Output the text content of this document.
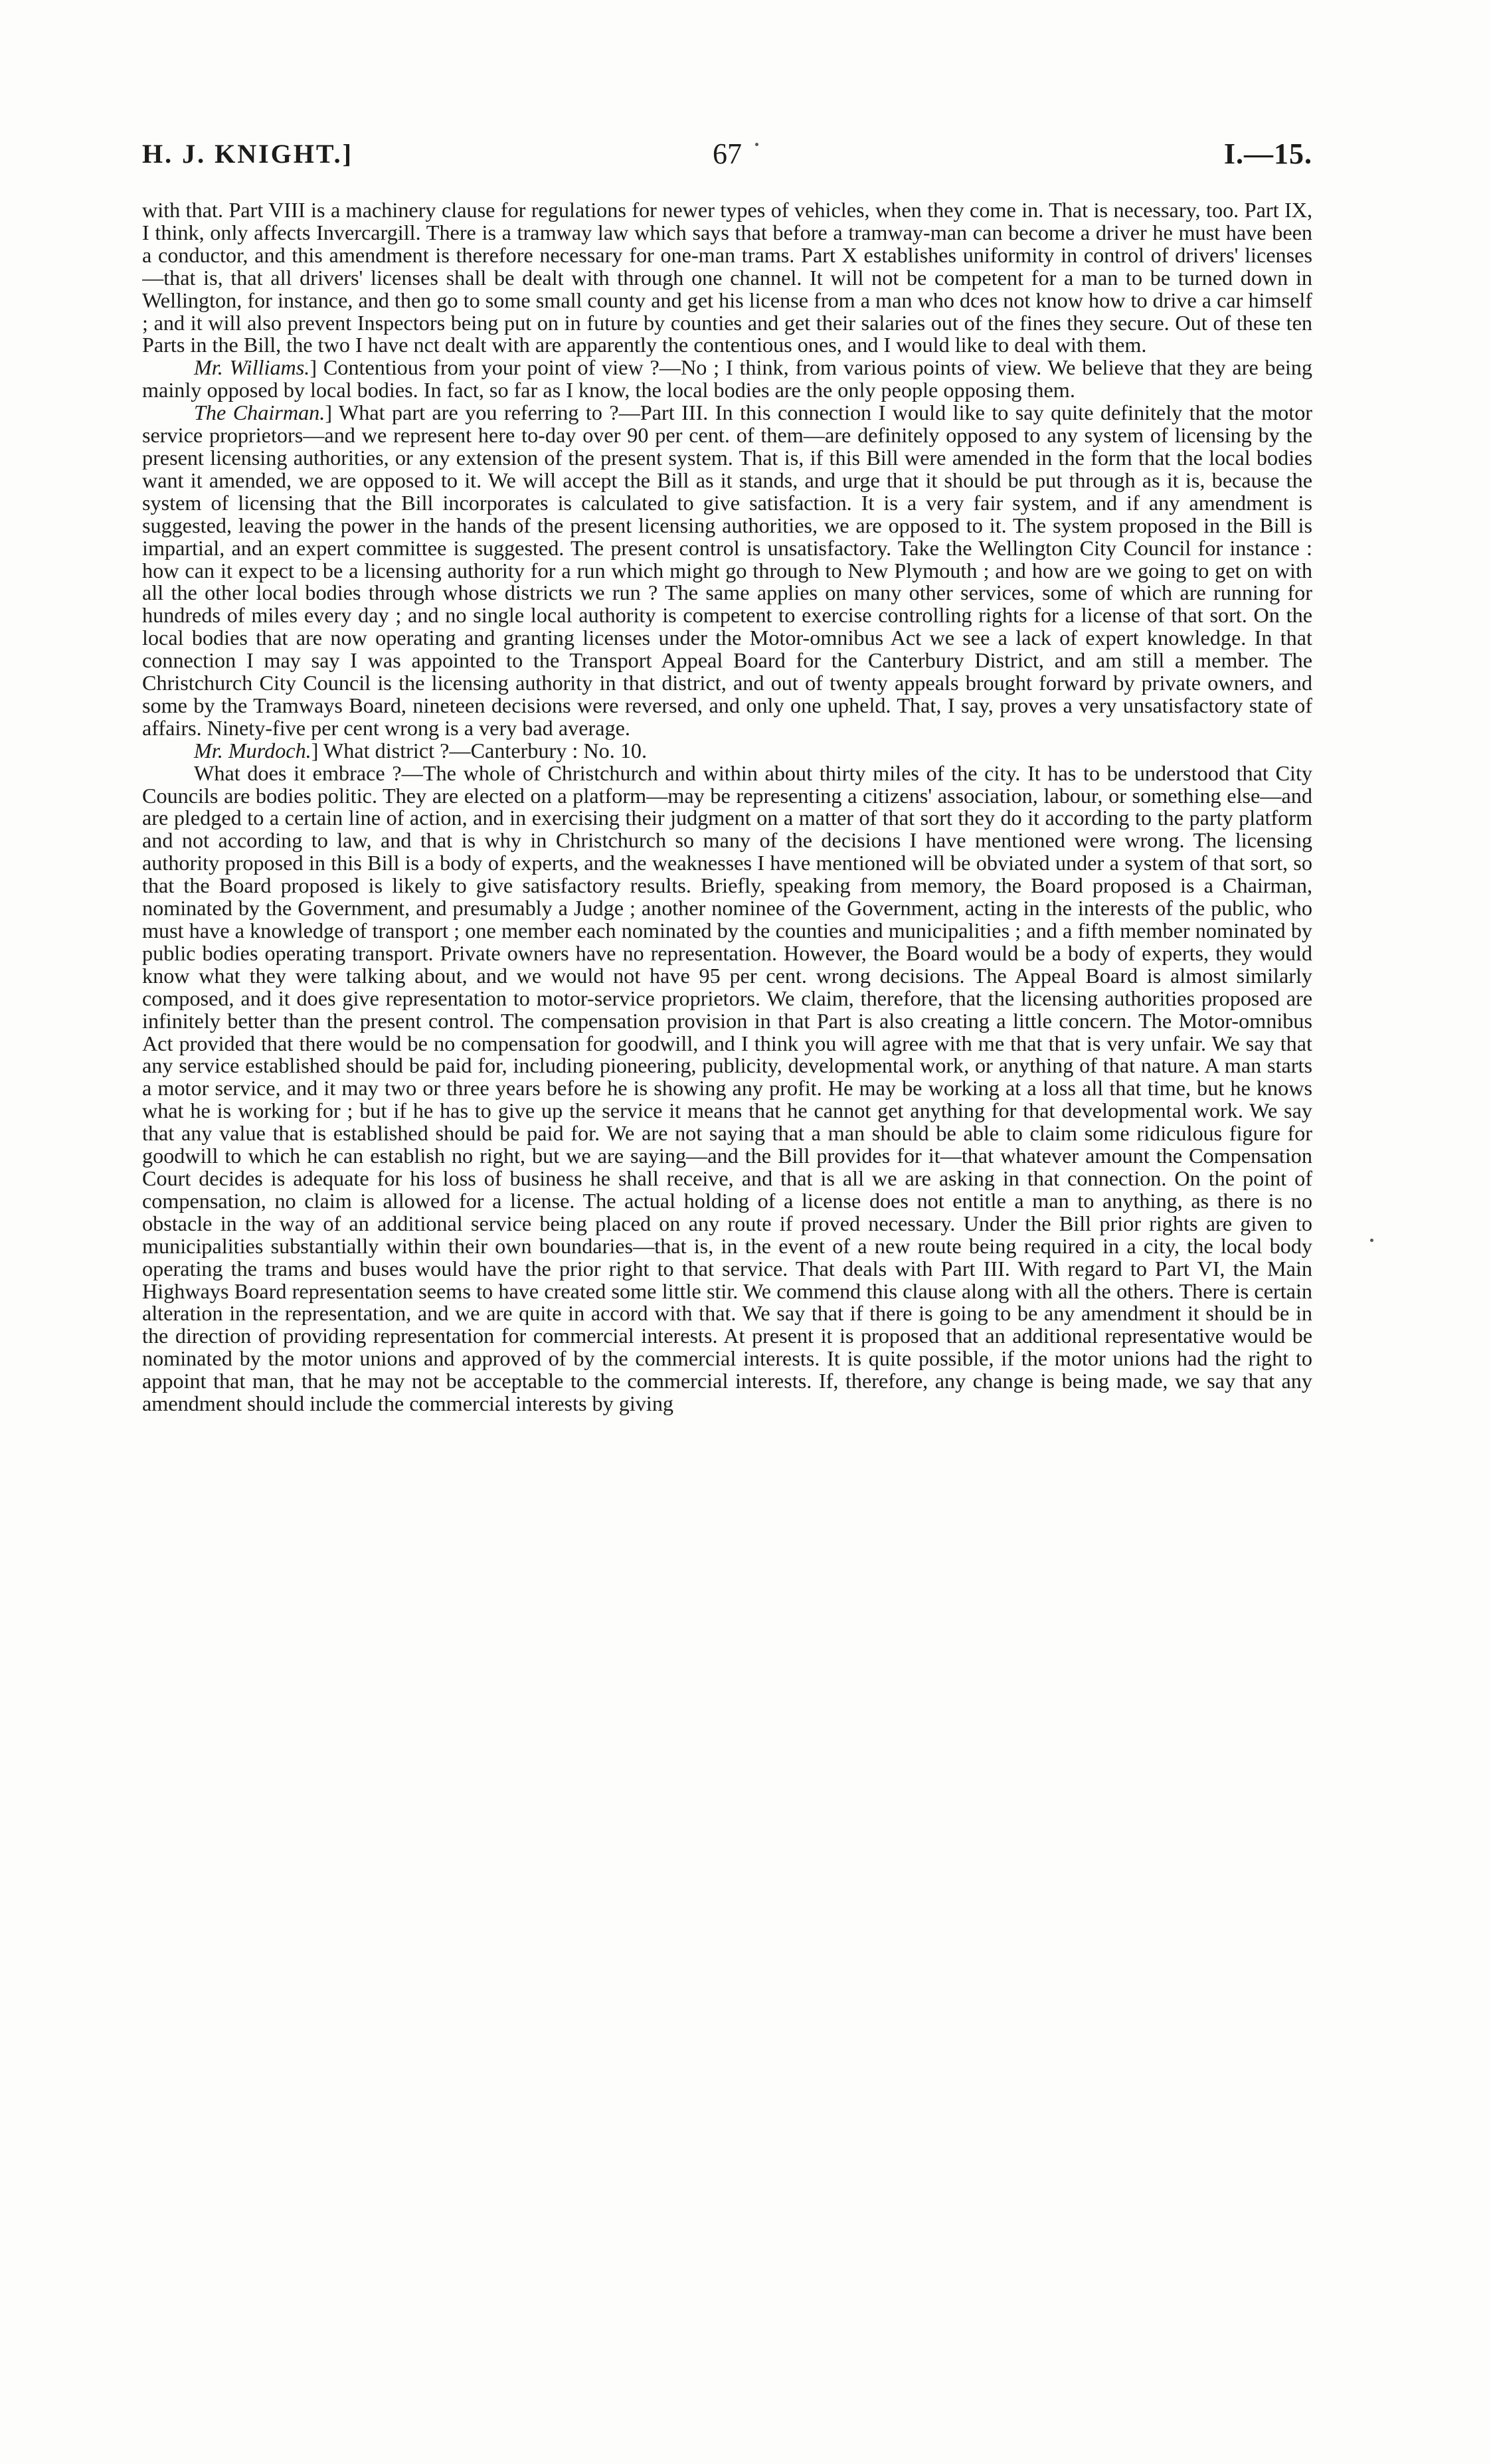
H. J. KNIGHT.]	67	I.—15.

with that. Part VIII is a machinery clause for regulations for newer types of vehicles, when they come in. That is necessary, too. Part IX, I think, only affects Invercargill. There is a tramway law which says that before a tramway-man can become a driver he must have been a conductor, and this amendment is therefore necessary for one-man trams. Part X establishes uniformity in control of drivers' licenses—that is, that all drivers' licenses shall be dealt with through one channel. It will not be competent for a man to be turned down in Wellington, for instance, and then go to some small county and get his license from a man who dces not know how to drive a car himself ; and it will also prevent Inspectors being put on in future by counties and get their salaries out of the fines they secure. Out of these ten Parts in the Bill, the two I have nct dealt with are apparently the contentious ones, and I would like to deal with them.

Mr. Williams.] Contentious from your point of view ?—No ; I think, from various points of view. We believe that they are being mainly opposed by local bodies. In fact, so far as I know, the local bodies are the only people opposing them.

The Chairman.] What part are you referring to ?—Part III. In this connection I would like to say quite definitely that the motor service proprietors—and we represent here to-day over 90 per cent. of them—are definitely opposed to any system of licensing by the present licensing authorities, or any extension of the present system. That is, if this Bill were amended in the form that the local bodies want it amended, we are opposed to it. We will accept the Bill as it stands, and urge that it should be put through as it is, because the system of licensing that the Bill incorporates is calculated to give satisfaction. It is a very fair system, and if any amendment is suggested, leaving the power in the hands of the present licensing authorities, we are opposed to it. The system proposed in the Bill is impartial, and an expert committee is suggested. The present control is unsatisfactory. Take the Wellington City Council for instance : how can it expect to be a licensing authority for a run which might go through to New Plymouth ; and how are we going to get on with all the other local bodies through whose districts we run ? The same applies on many other services, some of which are running for hundreds of miles every day ; and no single local authority is competent to exercise controlling rights for a license of that sort. On the local bodies that are now operating and granting licenses under the Motor-omnibus Act we see a lack of expert knowledge. In that connection I may say I was appointed to the Transport Appeal Board for the Canterbury District, and am still a member. The Christchurch City Council is the licensing authority in that district, and out of twenty appeals brought forward by private owners, and some by the Tramways Board, nineteen decisions were reversed, and only one upheld. That, I say, proves a very unsatisfactory state of affairs. Ninety-five per cent wrong is a very bad average.

Mr. Murdoch.] What district ?—Canterbury : No. 10.

What does it embrace ?—The whole of Christchurch and within about thirty miles of the city. It has to be understood that City Councils are bodies politic. They are elected on a platform—may be representing a citizens' association, labour, or something else—and are pledged to a certain line of action, and in exercising their judgment on a matter of that sort they do it according to the party platform and not according to law, and that is why in Christchurch so many of the decisions I have mentioned were wrong. The licensing authority proposed in this Bill is a body of experts, and the weaknesses I have mentioned will be obviated under a system of that sort, so that the Board proposed is likely to give satisfactory results. Briefly, speaking from memory, the Board proposed is a Chairman, nominated by the Government, and presumably a Judge ; another nominee of the Government, acting in the interests of the public, who must have a knowledge of transport ; one member each nominated by the counties and municipalities ; and a fifth member nominated by public bodies operating transport. Private owners have no representation. However, the Board would be a body of experts, they would know what they were talking about, and we would not have 95 per cent. wrong decisions. The Appeal Board is almost similarly composed, and it does give representation to motor-service proprietors. We claim, therefore, that the licensing authorities proposed are infinitely better than the present control. The compensation provision in that Part is also creating a little concern. The Motor-omnibus Act provided that there would be no compensation for goodwill, and I think you will agree with me that that is very unfair. We say that any service established should be paid for, including pioneering, publicity, developmental work, or anything of that nature. A man starts a motor service, and it may two or three years before he is showing any profit. He may be working at a loss all that time, but he knows what he is working for ; but if he has to give up the service it means that he cannot get anything for that developmental work. We say that any value that is established should be paid for. We are not saying that a man should be able to claim some ridiculous figure for goodwill to which he can establish no right, but we are saying—and the Bill provides for it—that whatever amount the Compensation Court decides is adequate for his loss of business he shall receive, and that is all we are asking in that connection. On the point of compensation, no claim is allowed for a license. The actual holding of a license does not entitle a man to anything, as there is no obstacle in the way of an additional service being placed on any route if proved necessary. Under the Bill prior rights are given to municipalities substantially within their own boundaries—that is, in the event of a new route being required in a city, the local body operating the trams and buses would have the prior right to that service. That deals with Part III. With regard to Part VI, the Main Highways Board representation seems to have created some little stir. We commend this clause along with all the others. There is certain alteration in the representation, and we are quite in accord with that. We say that if there is going to be any amendment it should be in the direction of providing representation for commercial interests. At present it is proposed that an additional representative would be nominated by the motor unions and approved of by the commercial interests. It is quite possible, if the motor unions had the right to appoint that man, that he may not be acceptable to the commercial interests. If, therefore, any change is being made, we say that any amendment should include the commercial interests by giving
